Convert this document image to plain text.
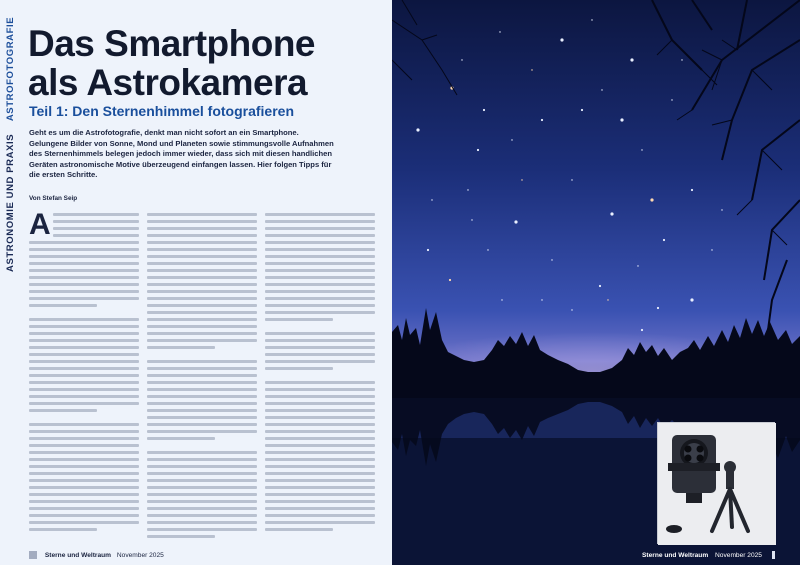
ASTRONOMIE UND PRAXIS    ASTROFOTOGRAFIE Das Smartphone
als Astrokamera
Teil 1: Den Sternenhimmel fotografieren

Geht es um die Astrofotografie, denkt man nicht sofort an ein Smartphone. Gelungene Bilder von Sonne, Mond und Planeten sowie stimmungsvolle Aufnahmen des Sternenhimmels belegen jedoch immer wieder, dass sich mit diesen handlichen Geräten astronomische Motive überzeugend einfangen lassen. Hier folgen Tipps für die ersten Schritte.

Von Stefan Seip
A
Sterne und Weltraum November 2025	Sterne und Weltraum November 2025
